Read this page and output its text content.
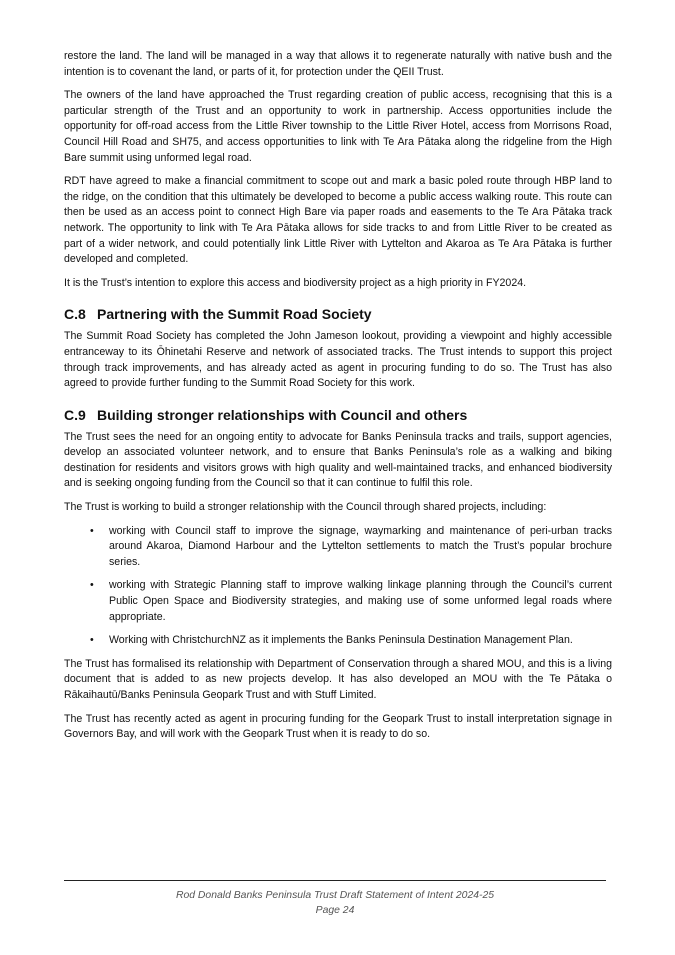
restore the land. The land will be managed in a way that allows it to regenerate naturally with native bush and the intention is to covenant the land, or parts of it, for protection under the QEII Trust.

The owners of the land have approached the Trust regarding creation of public access, recognising that this is a particular strength of the Trust and an opportunity to work in partnership. Access opportunities include the opportunity for off-road access from the Little River township to the Little River Hotel, access from Morrisons Road, Council Hill Road and SH75, and access opportunities to link with Te Ara Pātaka along the ridgeline from the High Bare summit using unformed legal road.

RDT have agreed to make a financial commitment to scope out and mark a basic poled route through HBP land to the ridge, on the condition that this ultimately be developed to become a public access walking route. This route can then be used as an access point to connect High Bare via paper roads and easements to the Te Ara Pātaka track network. The opportunity to link with Te Ara Pātaka allows for side tracks to and from Little River to be created as part of a wider network, and could potentially link Little River with Lyttelton and Akaroa as Te Ara Pātaka is further developed and completed.

It is the Trust’s intention to explore this access and biodiversity project as a high priority in FY2024.

C.8 Partnering with the Summit Road Society

The Summit Road Society has completed the John Jameson lookout, providing a viewpoint and highly accessible entranceway to its Ōhinetahi Reserve and network of associated tracks. The Trust intends to support this project through track improvements, and has already acted as agent in procuring funding to do so. The Trust has also agreed to provide further funding to the Summit Road Society for this work.

C.9 Building stronger relationships with Council and others

The Trust sees the need for an ongoing entity to advocate for Banks Peninsula tracks and trails, support agencies, develop an associated volunteer network, and to ensure that Banks Peninsula’s role as a walking and biking destination for residents and visitors grows with high quality and well-maintained tracks, and enhanced biodiversity and is seeking ongoing funding from the Council so that it can continue to fulfil this role.

The Trust is working to build a stronger relationship with the Council through shared projects, including:

• working with Council staff to improve the signage, waymarking and maintenance of peri-urban tracks around Akaroa, Diamond Harbour and the Lyttelton settlements to match the Trust’s popular brochure series.
• working with Strategic Planning staff to improve walking linkage planning through the Council’s current Public Open Space and Biodiversity strategies, and making use of some unformed legal roads where appropriate.
• Working with ChristchurchNZ as it implements the Banks Peninsula Destination Management Plan.

The Trust has formalised its relationship with Department of Conservation through a shared MOU, and this is a living document that is added to as new projects develop. It has also developed an MOU with the Te Pātaka o Rākaihautū/Banks Peninsula Geopark Trust and with Stuff Limited.

The Trust has recently acted as agent in procuring funding for the Geopark Trust to install interpretation signage in Governors Bay, and will work with the Geopark Trust when it is ready to do so.

Rod Donald Banks Peninsula Trust Draft Statement of Intent 2024-25
Page 24
